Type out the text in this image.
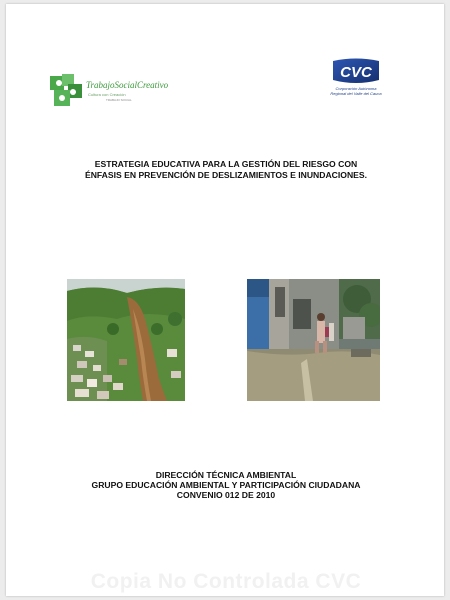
TrabajoSocialCreativo
Cultura con Creación
TRABAJO SOCIAL
CVC
Corporación Autónoma
Regional del Valle del Cauca
ESTRATEGIA EDUCATIVA PARA LA GESTIÓN DEL RIESGO CON
ÉNFASIS EN PREVENCIÓN DE DESLIZAMIENTOS E INUNDACIONES.
DIRECCIÓN TÉCNICA AMBIENTAL
GRUPO EDUCACIÓN AMBIENTAL Y PARTICIPACIÓN CIUDADANA
CONVENIO 012 DE 2010
Copia No Controlada CVC
